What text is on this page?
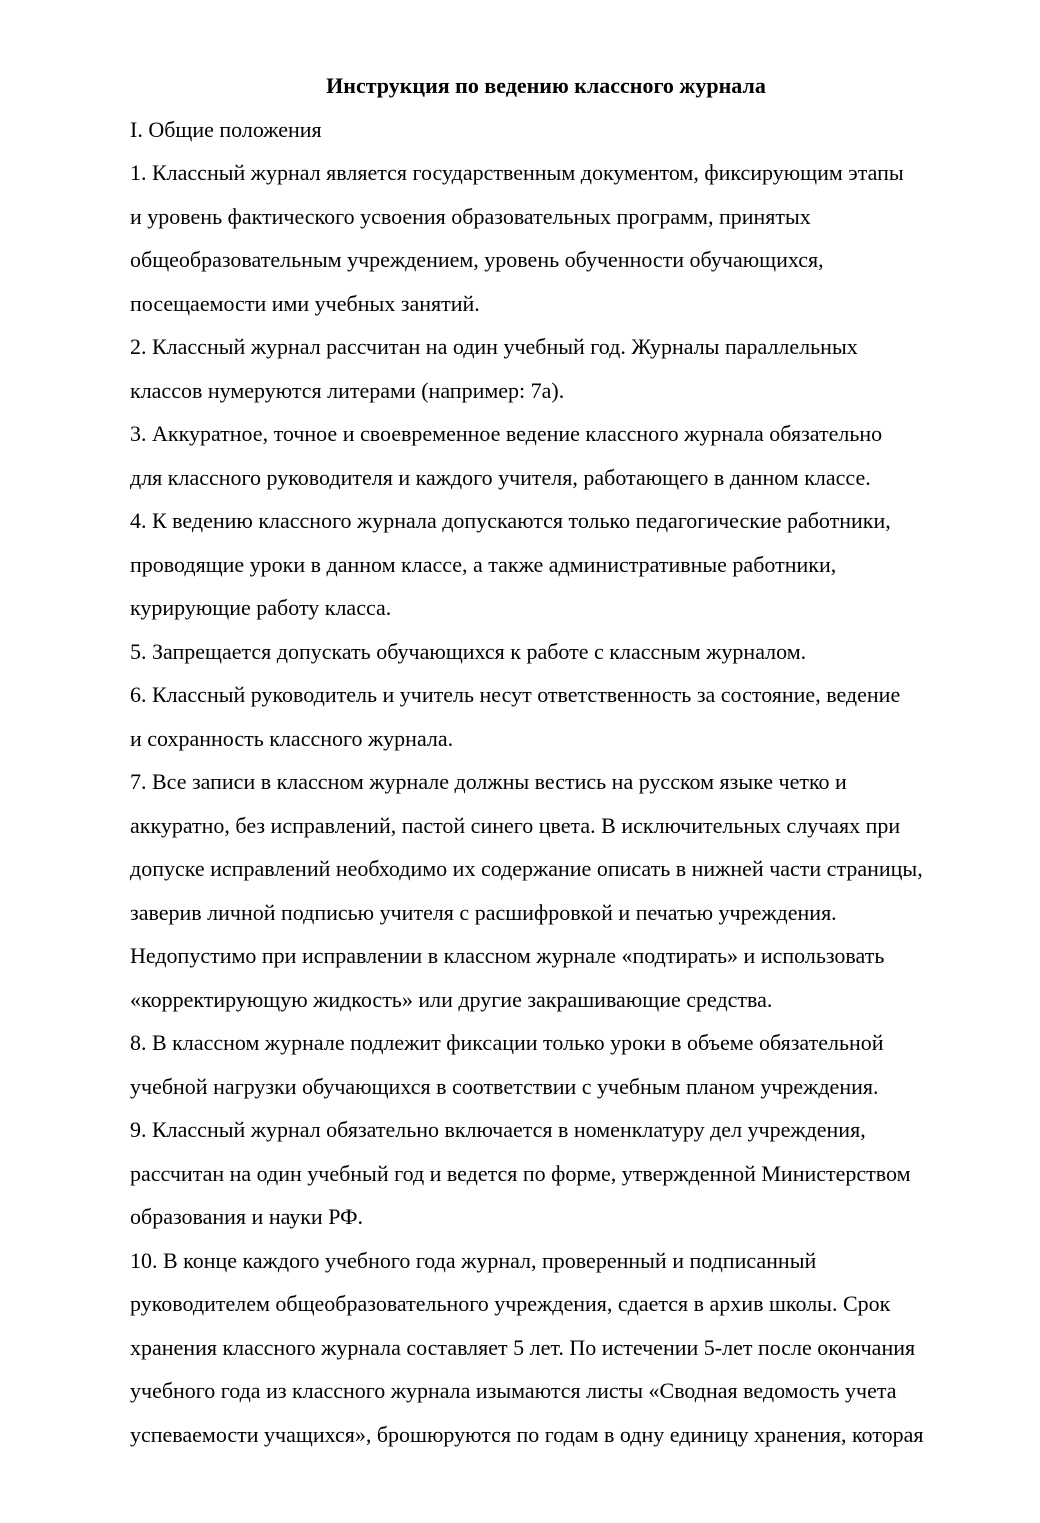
Инструкция по ведению классного журнала
I. Общие положения
1. Классный журнал является государственным документом, фиксирующим этапы
и уровень фактического усвоения образовательных программ, принятых
общеобразовательным учреждением, уровень обученности обучающихся,
посещаемости ими учебных занятий.
2. Классный журнал рассчитан на один учебный год. Журналы параллельных
классов нумеруются литерами (например: 7а).
3. Аккуратное, точное и своевременное ведение классного журнала обязательно
для классного руководителя и каждого учителя, работающего в данном классе.
4. К ведению классного журнала допускаются только педагогические работники,
проводящие уроки в данном классе, а также административные работники,
курирующие работу класса.
5. Запрещается допускать обучающихся к работе с классным журналом.
6. Классный руководитель и учитель несут ответственность за состояние, ведение
и сохранность классного журнала.
7. Все записи в классном журнале должны вестись на русском языке четко и
аккуратно, без исправлений, пастой синего цвета. В исключительных случаях при
допуске исправлений необходимо их содержание описать в нижней части страницы,
заверив личной подписью учителя с расшифровкой и печатью учреждения.
Недопустимо при исправлении в классном журнале «подтирать» и использовать
«корректирующую жидкость» или другие закрашивающие средства.
8. В классном журнале подлежит фиксации только уроки в объеме обязательной
учебной нагрузки обучающихся в соответствии с учебным планом учреждения.
9. Классный журнал обязательно включается в номенклатуру дел учреждения,
рассчитан на один учебный год и ведется по форме, утвержденной Министерством
образования и науки РФ.
10. В конце каждого учебного года журнал, проверенный и подписанный
руководителем общеобразовательного учреждения, сдается в архив школы. Срок
хранения классного журнала составляет 5 лет. По истечении 5-лет после окончания
учебного года из классного журнала изымаются листы «Сводная ведомость учета
успеваемости учащихся», брошюруются по годам в одну единицу хранения, которая
